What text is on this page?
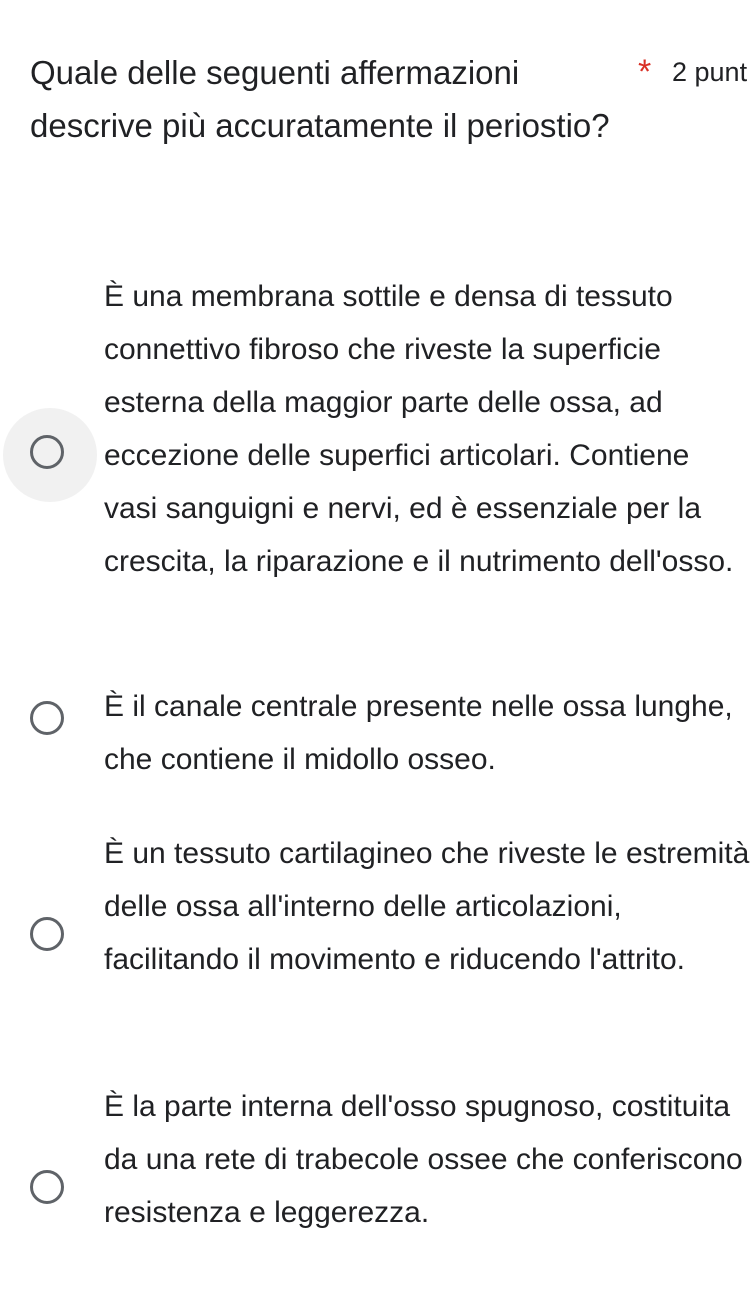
Quale delle seguenti affermazioni descrive più accuratamente il periostio?
* 2 punt
È una membrana sottile e densa di tessuto connettivo fibroso che riveste la superficie esterna della maggior parte delle ossa, ad eccezione delle superfici articolari. Contiene vasi sanguigni e nervi, ed è essenziale per la crescita, la riparazione e il nutrimento dell'osso.
È il canale centrale presente nelle ossa lunghe, che contiene il midollo osseo.
È un tessuto cartilagineo che riveste le estremità delle ossa all'interno delle articolazioni, facilitando il movimento e riducendo l'attrito.
È la parte interna dell'osso spugnoso, costituita da una rete di trabecole ossee che conferiscono resistenza e leggerezza.
